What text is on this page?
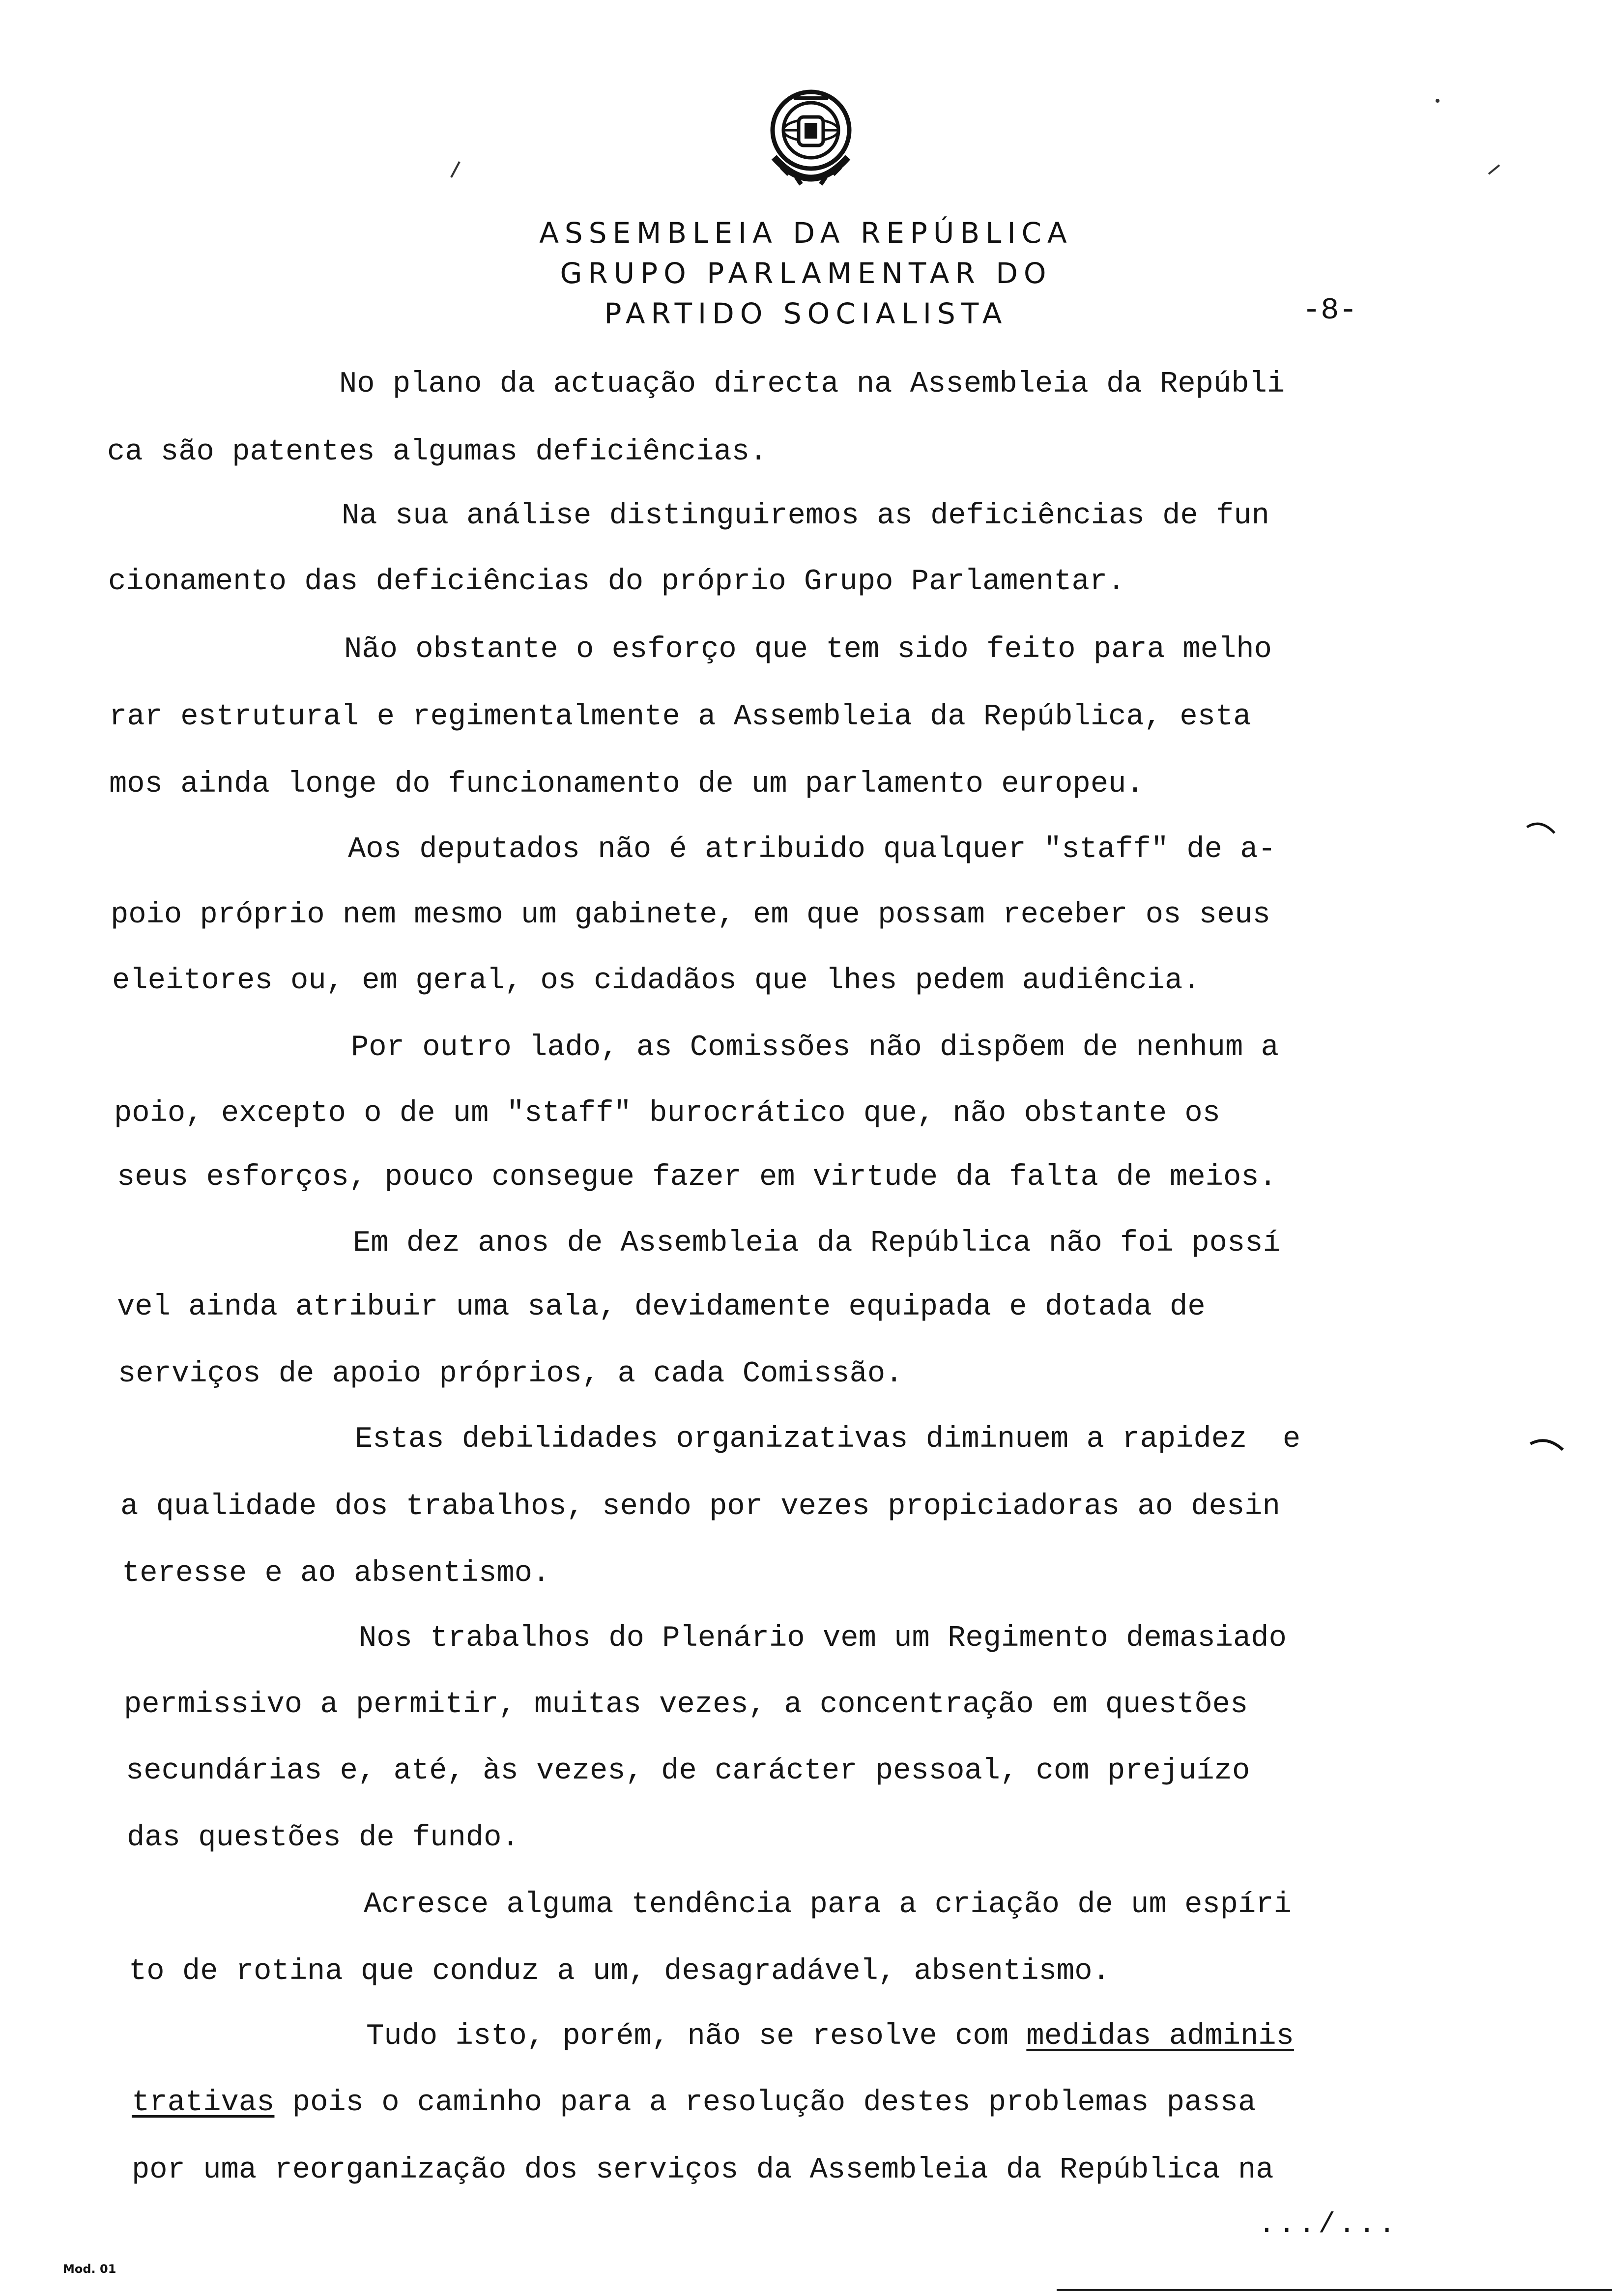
ASSEMBLEIA DA REPÚBLICA
GRUPO PARLAMENTAR DO
PARTIDO SOCIALISTA	-8-
No plano da actuação directa na Assembleia da Repúbli
ca são patentes algumas deficiências.
Na sua análise distinguiremos as deficiências de fun
cionamento das deficiências do próprio Grupo Parlamentar.
Não obstante o esforço que tem sido feito para melho
rar estrutural e regimentalmente a Assembleia da República, esta
mos ainda longe do funcionamento de um parlamento europeu.
Aos deputados não é atribuido qualquer "staff" de a-
poio próprio nem mesmo um gabinete, em que possam receber os seus
eleitores ou, em geral, os cidadãos que lhes pedem audiência.
Por outro lado, as Comissões não dispõem de nenhum a
poio, excepto o de um "staff" burocrático que, não obstante os
seus esforços, pouco consegue fazer em virtude da falta de meios.
Em dez anos de Assembleia da República não foi possí
vel ainda atribuir uma sala, devidamente equipada e dotada de
serviços de apoio próprios, a cada Comissão.
Estas debilidades organizativas diminuem a rapidez  e
a qualidade dos trabalhos, sendo por vezes propiciadoras ao desin
teresse e ao absentismo.
Nos trabalhos do Plenário vem um Regimento demasiado
permissivo a permitir, muitas vezes, a concentração em questões
secundárias e, até, às vezes, de carácter pessoal, com prejuízo
das questões de fundo.
Acresce alguma tendência para a criação de um espíri
to de rotina que conduz a um, desagradável, absentismo.
Tudo isto, porém, não se resolve com medidas adminis
trativas pois o caminho para a resolução destes problemas passa
por uma reorganização dos serviços da Assembleia da República na
.../...
Mod. 01
